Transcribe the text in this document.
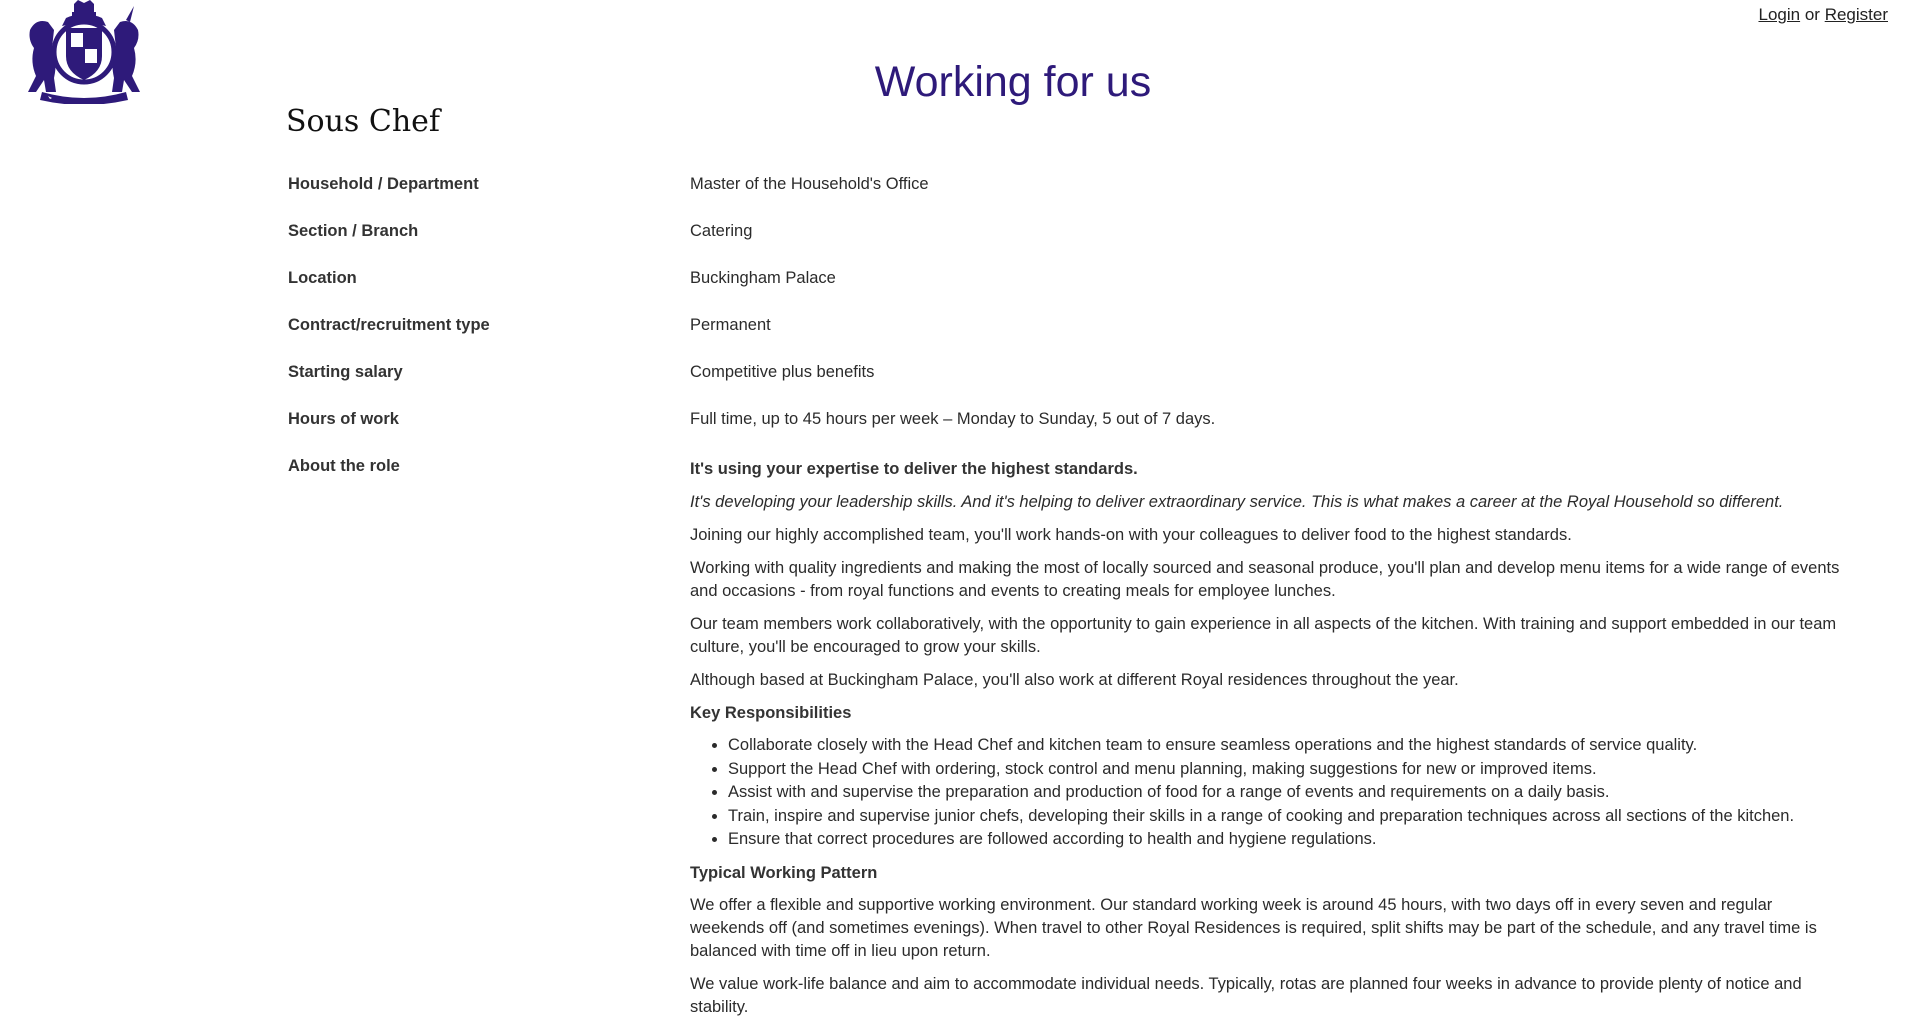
Login or Register
Working for us
Sous Chef
Household / Department	Master of the Household's Office
Section / Branch	Catering
Location	Buckingham Palace
Contract/recruitment type	Permanent
Starting salary	Competitive plus benefits
Hours of work	Full time, up to 45 hours per week – Monday to Sunday, 5 out of 7 days.
About the role	It's using your expertise to deliver the highest standards.

It's developing your leadership skills. And it's helping to deliver extraordinary service. This is what makes a career at the Royal Household so different.

Joining our highly accomplished team, you'll work hands-on with your colleagues to deliver food to the highest standards.

Working with quality ingredients and making the most of locally sourced and seasonal produce, you'll plan and develop menu items for a wide range of events and occasions - from royal functions and events to creating meals for employee lunches.

Our team members work collaboratively, with the opportunity to gain experience in all aspects of the kitchen. With training and support embedded in our team culture, you'll be encouraged to grow your skills.

Although based at Buckingham Palace, you'll also work at different Royal residences throughout the year.

Key Responsibilities
• Collaborate closely with the Head Chef and kitchen team to ensure seamless operations and the highest standards of service quality.
• Support the Head Chef with ordering, stock control and menu planning, making suggestions for new or improved items.
• Assist with and supervise the preparation and production of food for a range of events and requirements on a daily basis.
• Train, inspire and supervise junior chefs, developing their skills in a range of cooking and preparation techniques across all sections of the kitchen.
• Ensure that correct procedures are followed according to health and hygiene regulations.
Typical Working Pattern

We offer a flexible and supportive working environment. Our standard working week is around 45 hours, with two days off in every seven and regular weekends off (and sometimes evenings). When travel to other Royal Residences is required, split shifts may be part of the schedule, and any travel time is balanced with time off in lieu upon return.

We value work-life balance and aim to accommodate individual needs. Typically, rotas are planned four weeks in advance to provide plenty of notice and stability.
